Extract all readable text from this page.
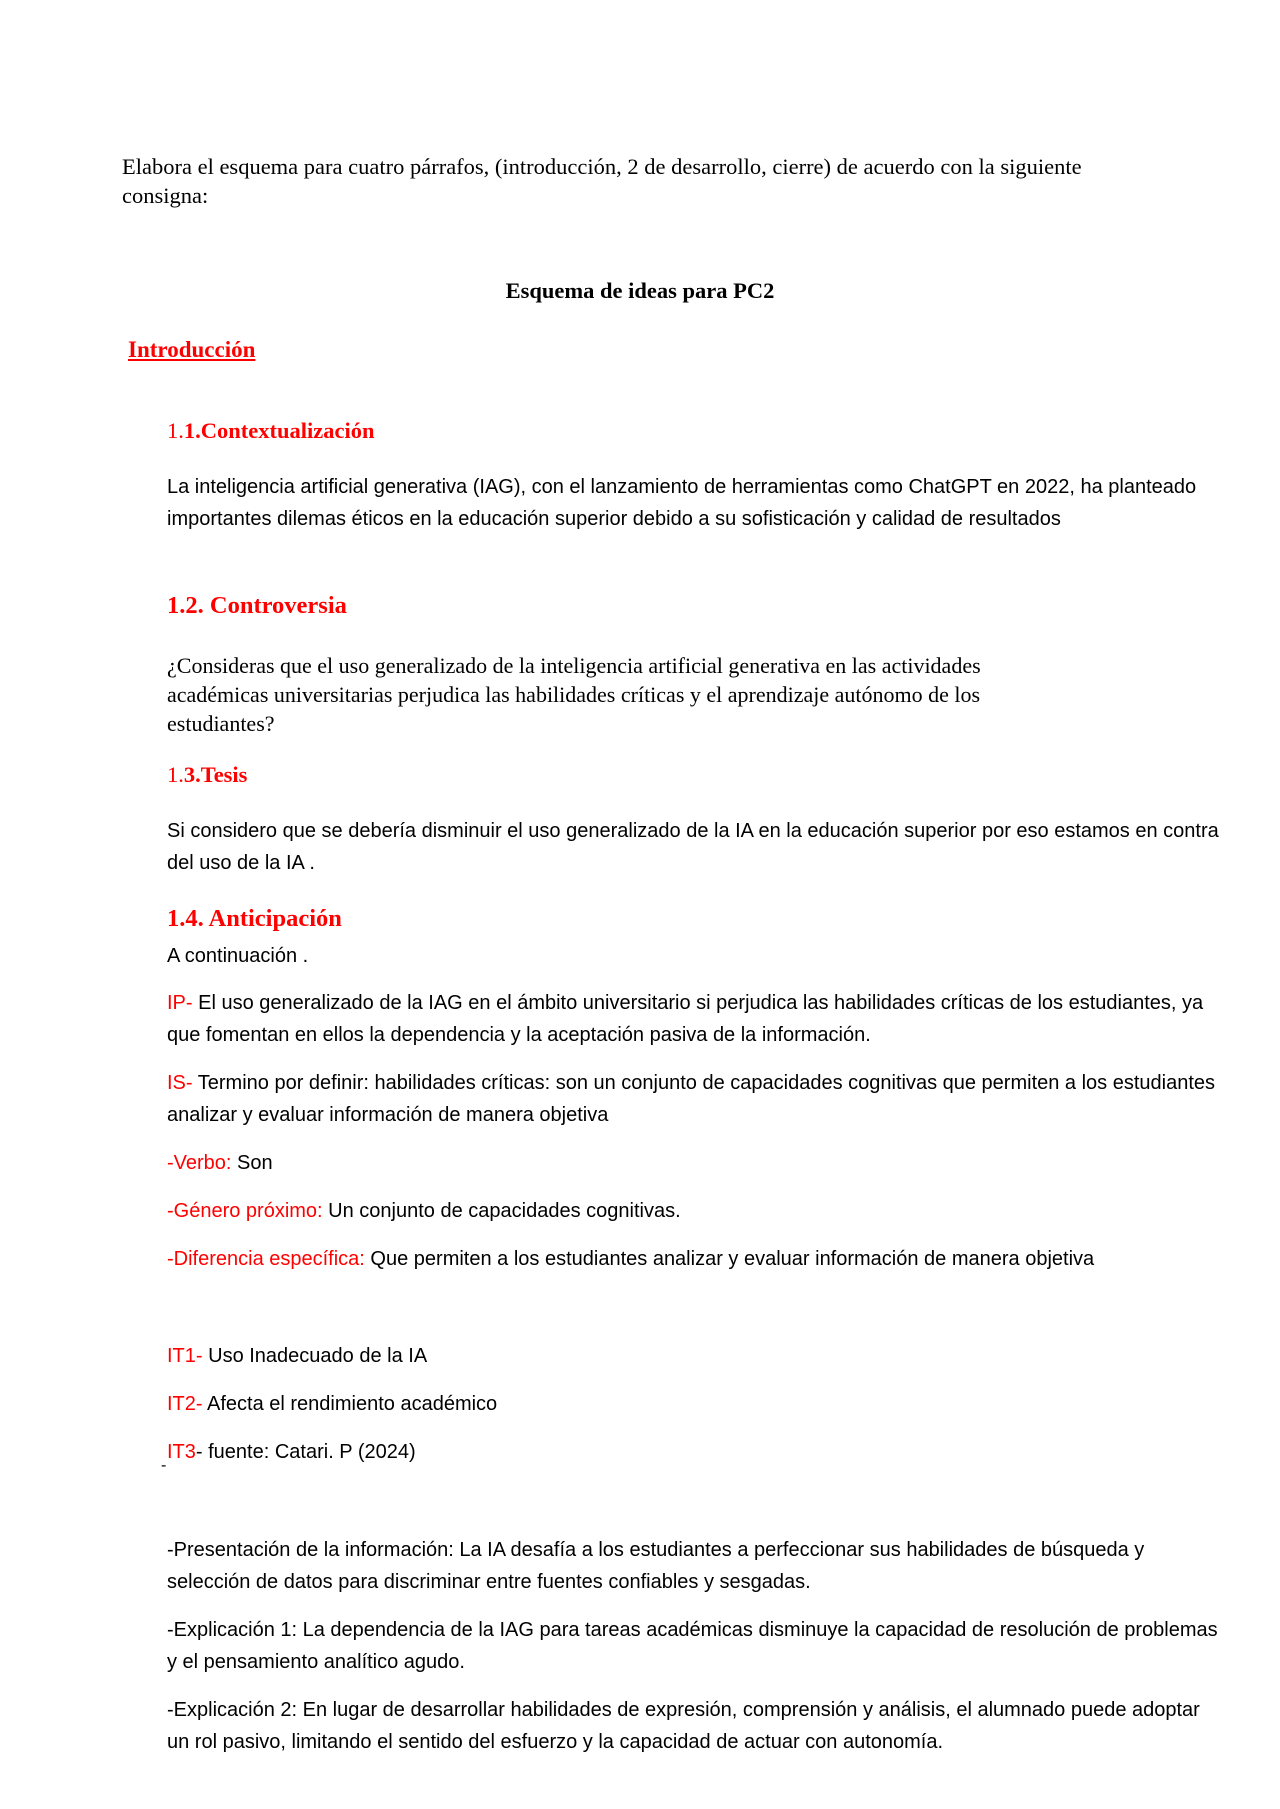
Elabora el esquema para cuatro párrafos, (introducción, 2 de desarrollo, cierre) de acuerdo con la siguiente consigna:
Esquema de ideas para PC2
Introducción
1.1.Contextualización
La inteligencia artificial generativa (IAG), con el lanzamiento de herramientas como ChatGPT en 2022, ha planteado importantes dilemas éticos en la educación superior debido a su sofisticación y calidad de resultados
1.2. Controversia
¿Consideras que el uso generalizado de la inteligencia artificial generativa en las actividades académicas universitarias perjudica las habilidades críticas y el aprendizaje autónomo de los estudiantes?
1.3.Tesis
Si considero que se debería disminuir el uso generalizado de la IA en la educación superior por eso estamos en contra del uso de la IA .
1.4. Anticipación
A continuación .
IP- El uso generalizado de la IAG en el ámbito universitario si perjudica las habilidades críticas de los estudiantes, ya que fomentan en ellos la dependencia y la aceptación pasiva de la información.
IS- Termino por definir: habilidades críticas: son un conjunto de capacidades cognitivas que permiten a los estudiantes analizar y evaluar información de manera objetiva
-Verbo: Son
-Género próximo: Un conjunto de capacidades cognitivas.
-Diferencia específica: Que permiten a los estudiantes analizar y evaluar información de manera objetiva
IT1- Uso Inadecuado de la IA
IT2- Afecta el rendimiento académico
IT3- fuente: Catari. P (2024)
-
-Presentación de la información: La IA desafía a los estudiantes a perfeccionar sus habilidades de búsqueda y selección de datos para discriminar entre fuentes confiables y sesgadas.
-Explicación 1: La dependencia de la IAG para tareas académicas disminuye la capacidad de resolución de problemas y el pensamiento analítico agudo.
-Explicación 2: En lugar de desarrollar habilidades de expresión, comprensión y análisis, el alumnado puede adoptar un rol pasivo, limitando el sentido del esfuerzo y la capacidad de actuar con autonomía.
